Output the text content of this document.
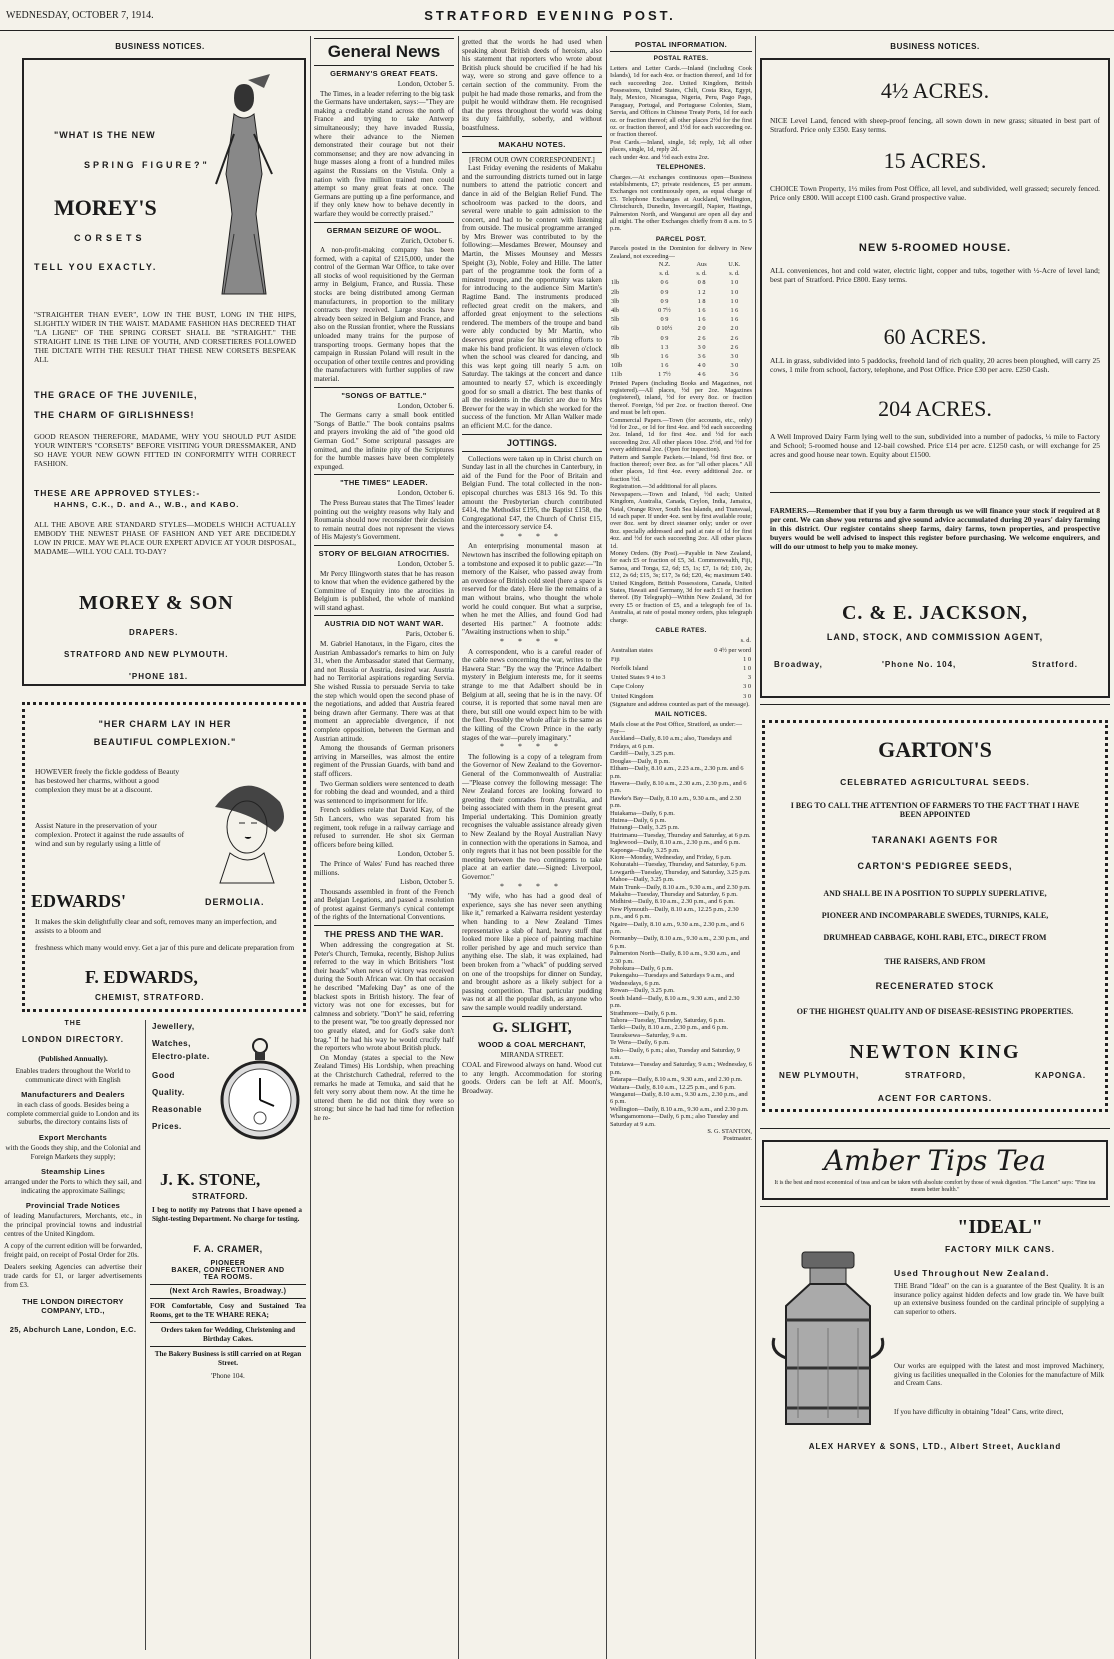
WEDNESDAY, OCTOBER 7, 1914.	STRATFORD EVENING POST.
BUSINESS NOTICES.
"WHAT IS THE NEW
SPRING FIGURE?"
MOREY'S
CORSETS
TELL YOU EXACTLY.
"STRAIGHTER THAN EVER", LOW IN THE BUST, LONG IN THE HIPS, SLIGHTLY WIDER IN THE WAIST. MADAME FASHION HAS DECREED THAT "LA LIGNE" OF THE SPRING CORSET SHALL BE "STRAIGHT." THE STRAIGHT LINE IS THE LINE OF YOUTH, AND CORSETIERES FOLLOWED THE DICTATE WITH THE RESULT THAT THESE NEW CORSETS BESPEAK ALL
THE GRACE OF THE JUVENILE,
THE CHARM OF GIRLISHNESS!
GOOD REASON THEREFORE, MADAME, WHY YOU SHOULD PUT ASIDE YOUR WINTER'S "CORSETS" BEFORE VISITING YOUR DRESSMAKER, AND SO HAVE YOUR NEW GOWN FITTED IN CONFORMITY WITH CORRECT FASHION.
THESE ARE APPROVED STYLES:-
HAHNS, C.K., D. and A., W.B., and KABO.
ALL THE ABOVE ARE STANDARD STYLES—MODELS WHICH ACTUALLY EMBODY THE NEWEST PHASE OF FASHION AND YET ARE DECIDEDLY LOW IN PRICE. MAY WE PLACE OUR EXPERT ADVICE AT YOUR DISPOSAL, MADAME—WILL YOU CALL TO-DAY?
MOREY & SON
DRAPERS.
STRATFORD AND NEW PLYMOUTH.
'PHONE 181.
"HER CHARM LAY IN HER
BEAUTIFUL COMPLEXION."
HOWEVER freely the fickle goddess of Beauty has bestowed her charms, without a good complexion they must be at a discount.
Assist Nature in the preservation of your complexion. Protect it against the rude assaults of wind and sun by regularly using a little of
EDWARDS'	DERMOLIA.
It makes the skin delightfully clear and soft, removes many an imperfection, and assists to a bloom and
freshness which many would envy. Get a jar of this pure and delicate preparation from
F. EDWARDS,
CHEMIST, STRATFORD.
THE
LONDON DIRECTORY.
(Published Annually).
Enables traders throughout the World to communicate direct with English
Manufacturers and Dealers
in each class of goods. Besides being a complete commercial guide to London and its suburbs, the directory contains lists of
Export Merchants
with the Goods they ship, and the Colonial and Foreign Markets they supply;
Steamship Lines
arranged under the Ports to which they sail, and indicating the approximate Sailings;
Provincial Trade Notices
of leading Manufacturers, Merchants, etc., in the principal provincial towns and industrial centres of the United Kingdom.
A copy of the current edition will be forwarded, freight paid, on receipt of Postal Order for 20s.
Dealers seeking Agencies can advertise their trade cards for £1, or larger advertisements from £3.
THE LONDON DIRECTORY COMPANY, LTD.,
25, Abchurch Lane, London, E.C.
Jewellery,
Watches,
Electro-plate.
Good
Quality.
Reasonable
Prices.
J. K. STONE,
STRATFORD.
I beg to notify my Patrons that I have opened a Sight-testing Department. No charge for testing.
F. A. CRAMER,
PIONEER
BAKER, CONFECTIONER AND
TEA ROOMS.
(Next Arch Rawles, Broadway.)
FOR Comfortable, Cosy and Sustained Tea Rooms, get to the TE WHARE REKA;
Orders taken for Wedding, Christening and Birthday Cakes.
The Bakery Business is still carried on at Regan Street.
'Phone 104.
General News
GERMANY'S GREAT FEATS.

London, October 5.

The Times, in a leader referring to the big task the Germans have undertaken, says:—"They are making a creditable stand across the north of France and trying to take Antwerp simultaneously; they have invaded Russia, where their advance to the Niemen demonstrated their courage but not their commonsense; and they are now advancing in huge masses along a front of a hundred miles against the Russians on the Vistula. Only a nation with five million trained men could attempt so many great feats at once. The Germans are putting up a fine performance, and if they only knew how to behave decently in warfare they would be correctly praised."

GERMAN SEIZURE OF WOOL.

Zurich, October 6.

A non-profit-making company has been formed, with a capital of £215,000, under the control of the German War Office, to take over all stocks of wool requisitioned by the German army in Belgium, France, and Russia. These stocks are being distributed among German manufacturers, in proportion to the military contracts they received. Large stocks have already been seized in Belgium and France, and also on the Russian frontier, where the Russians unloaded many trains for the purpose of transporting troops. Germany hopes that the campaign in Russian Poland will result in the occupation of other textile centres and providing the manufacturers with further supplies of raw material.

"SONGS OF BATTLE."

London, October 6.

The Germans carry a small book entitled "Songs of Battle." The book contains psalms and prayers invoking the aid of "the good old German God." Some scriptural passages are omitted, and the infinite pity of the Scriptures for the humble masses have been completely expunged.

"THE TIMES" LEADER.

London, October 6.

The Press Bureau states that The Times' leader pointing out the weighty reasons why Italy and Roumania should now reconsider their decision to remain neutral does not represent the views of His Majesty's Government.

STORY OF BELGIAN ATROCITIES.

London, October 5.

Mr Percy Illingworth states that he has reason to know that when the evidence gathered by the Committee of Enquiry into the atrocities in Belgium is published, the whole of mankind will stand aghast.

AUSTRIA DID NOT WANT WAR.

Paris, October 6.

M. Gabriel Hanotaux, in the Figaro, cites the Austrian Ambassador's remarks to him on July 31, when the Ambassador stated that Germany, and not Russia or Austria, desired war. Austria had no Territorial aspirations regarding Servia. She wished Russia to persuade Servia to take the step which would open the second phase of the negotiations, and added that Austria feared being drawn after Germany. There was at that moment an appreciable divergence, if not complete opposition, between the German and Austrian attitude.

Among the thousands of German prisoners arriving in Marseilles, was almost the entire regiment of the Prussian Guards, with band and staff officers.

Two German soldiers were sentenced to death for robbing the dead and wounded, and a third was sentenced to imprisonment for life.

French soldiers relate that David Kay, of the 5th Lancers, who was separated from his regiment, took refuge in a railway carriage and refused to surrender. He shot six German officers before being killed.

London, October 5.

The Prince of Wales' Fund has reached three millions.

Lisbon, October 5.

Thousands assembled in front of the French and Belgian Legations, and passed a resolution of protest against Germany's cynical contempt of the rights of the International Conventions.

THE PRESS AND THE WAR.

When addressing the congregation at St. Peter's Church, Temuka, recently, Bishop Julius referred to the way in which Britishers "lost their heads" when news of victory was received during the South African war. On that occasion he described "Mafeking Day" as one of the blackest spots in British history. The fear of victory was not one for excesses, but for calmness and sobriety. "Don't" he said, referring to the present war, "be too greatly depressed nor too greatly elated, and for God's sake don't brag." If he had his way he would crucify half the reporters who wrote about British pluck.

On Monday (states a special to the New Zealand Times) His Lordship, when preaching at the Christchurch Cathedral, referred to the remarks he made at Temuka, and said that he felt very sorry about them now. At the time he uttered them he did not think they were so strong; but since he had had time for reflection he re-

gretted that the words he had used when speaking about British deeds of heroism, also his statement that reporters who wrote about British pluck should be crucified if he had his way, were so strong and gave offence to a certain section of the community. From the pulpit he had made those remarks, and from the pulpit he would withdraw them. He recognised that the press throughout the world was doing its duty faithfully, soberly, and without boastfulness.

MAKAHU NOTES.
[FROM OUR OWN CORRESPONDENT.]

Last Friday evening the residents of Makahu and the surrounding districts turned out in large numbers to attend the patriotic concert and dance in aid of the Belgian Relief Fund. The schoolroom was packed to the doors, and several were unable to gain admission to the concert, and had to be content with listening from outside. The musical programme arranged by Mrs Brewer was contributed to by the following:—Mesdames Brewer, Mounsey and Martin, the Misses Mounsey and Messrs Speight (3), Noble, Foley and Hille. The latter part of the programme took the form of a minstrel troupe, and the opportunity was taken for introducing to the audience Sim Martin's Ragtime Band. The instruments produced reflected great credit on the makers, and afforded great enjoyment to the selections rendered. The members of the troupe and band were ably conducted by Mr Martin, who deserves great praise for his untiring efforts to make his band proficient. It was eleven o'clock when the school was cleared for dancing, and this was kept going till nearly 5 a.m. on Saturday. The takings at the concert and dance amounted to nearly £7, which is exceedingly good for so small a district. The best thanks of all the residents in the district are due to Mrs Brewer for the way in which she worked for the success of the function. Mr Allan Walker made an efficient M.C. for the dance.

JOTTINGS.

Collections were taken up in Christ church on Sunday last in all the churches in Canterbury, in aid of the Fund for the Poor of Britain and Belgian Fund. The total collected in the non-episcopal churches was £813 16s 9d. To this amount the Presbyterian church contributed £414, the Methodist £195, the Baptist £158, the Congregational £47, the Church of Christ £15, and the intercessory service £4.

* * * *

An enterprising monumental mason at Newtown has inscribed the following epitaph on a tombstone and exposed it to public gaze:—"In memory of the Kaiser, who passed away from an overdose of British cold steel (here a space is reserved for the date). Here lie the remains of a man without brains, who thought the whole world he could conquer. But what a surprise, when he met the Allies, and found God had deserted His partner." A footnote adds: "Awaiting instructions when to ship."

* * * *

A correspondent, who is a careful reader of the cable news concerning the war, writes to the Hawera Star: "By the way the 'Prince Adalbert mystery' in Belgium interests me, for it seems strange to me that Adalbert should be in Belgium at all, seeing that he is in the navy. Of course, it is reported that some naval men are there, but still one would expect him to be with the fleet. Possibly the whole affair is the same as the killing of the Crown Prince in the early stages of the war—purely imaginary."

* * * *

The following is a copy of a telegram from the Governor of New Zealand to the Governor-General of the Commonwealth of Australia:—"Please convey the following message: The New Zealand forces are looking forward to greeting their comrades from Australia, and being associated with them in the present great Imperial undertaking. This Dominion greatly recognises the valuable assistance already given to New Zealand by the Royal Australian Navy in connection with the operations in Samoa, and only regrets that it has not been possible for the meeting between the two contingents to take place at an earlier date.—Signed: Liverpool, Governor."

* * * *

"My wife, who has had a good deal of experience, says she has never seen anything like it," remarked a Kaiwarra resident yesterday when handing to a New Zealand Times representative a slab of hard, heavy stuff that looked more like a piece of painting machine roller perished by age and much service than anything else. The slab, it was explained, had been broken from a "whack" of pudding served on one of the troopships for dinner on Sunday, and brought ashore as a likely subject for a passing competition. That particular pudding was not at all the popular dish, as anyone who saw the sample would readily understand.

G. SLIGHT,
WOOD & COAL MERCHANT,
MIRANDA STREET.
COAL and Firewood always on hand. Wood cut to any length. Accommodation for storing goods. Orders can be left at Alf. Moon's, Broadway.
POSTAL INFORMATION.
POSTAL RATES.
Letters and Letter Cards.—Inland (including Cook Islands), 1d for each 4oz. or fraction thereof, and 1d for each succeeding 2oz. United Kingdom, British Possessions, United States, Chili, Costa Rica, Egypt, Italy, Mexico, Nicaragua, Nigeria, Peru, Pago Pago, Paraguay, Portugal, and Portuguese Colonies, Siam, Servia, and Offices in Chinese Treaty Ports, 1d for each oz. or fraction thereof; all other places 2½d for the first oz. or fraction thereof, and 1½d for each succeeding oz. or fraction thereof.
Post Cards.—Inland, single, 1d; reply, 1d; all other places, single, 1d, reply 2d.
each under 4oz. and ½d each extra 2oz.
TELEPHONES.
Charges.—At exchanges continuous open—Business establishments, £7; private residences, £5 per annum. Exchanges not continuously open, as equal charge of £5. Telephone Exchanges at Auckland, Wellington, Christchurch, Dunedin, Invercargill, Napier, Hastings, Palmerston North, and Wanganui are open all day and all night. The other Exchanges chiefly from 8 a.m. to 5 p.m.
PARCEL POST.
Parcels posted in the Dominion for delivery in New Zealand, not exceeding—
	N.Z.	Aus	U.K.
	s. d.	s. d.	s. d.
1lb	0 6	0 8	1 0
2lb	0 9	1 2	1 0
3lb	0 9	1 8	1 0
4lb	0 7½	1 6	1 6
5lb	0 9	1 6	1 6
6lb	0 10½	2 0	2 0
7lb	0 9	2 6	2 6
8lb	1 3	3 0	2 6
9lb	1 6	3 6	3 0
10lb	1 6	4 0	3 0
11lb	1 7½	4 6	3 6
Printed Papers (including Books and Magazines, not registered).—All places, ½d per 2oz. Magazines (registered), inland, ½d for every 8oz. or fraction thereof. Foreign, ½d per 2oz. or fraction thereof. One and must be left open.
Commercial Papers.—Town (for accounts, etc., only) ½d for 2oz., or 1d for first 4oz. and ½d each succeeding 2oz. Inland, 1d for first 4oz. and ½d for each succeeding 2oz. All other places 10oz. 2½d, and ½d for every additional 2oz. (Open for inspection).
Pattern and Sample Packets.—Inland, ½d first 8oz. or fraction thereof; over 8oz. as for "all other places." All other places, 1d first 4oz. every additional 2oz. or fraction ½d.
Registration.—3d additional for all places.
Newspapers.—Town and Inland, ½d each; United Kingdom, Australia, Canada, Ceylon, India, Jamaica, Natal, Orange River, South Sea Islands, and Transvaal, 1d each paper. If under 4oz. sent by first available route; over 8oz. sent by direct steamer only; under or over 8oz. specially addressed and paid at rate of 1d for first 4oz. and ½d for each succeeding 2oz. All other places 1d.
Money Orders. (By Post).—Payable in New Zealand, for each £5 or fraction of £5, 3d. Commonwealth, Fiji, Samoa, and Tonga, £2, 6d; £5, 1s; £7, 1s 6d; £10, 2s; £12, 2s 6d; £15, 3s; £17, 3s 6d; £20, 4s; maximum £40. United Kingdom, British Possessions, Canada, United States, Hawaii and Germany, 3d for each £1 or fraction thereof. (By Telegraph)—Within New Zealand, 3d for every £5 or fraction of £5, and a telegraph fee of 1s. Australia, at rate of postal money orders, plus telegraph charge.
CABLE RATES.
	s. d.
Australian states	0 4½ per word
Fiji	1 0
Norfolk Island	1 0
United States 9 4 to 3	3
Cape Colony	3 0
United Kingdom	3 0
(Signature and address counted as part of the message).
MAIL NOTICES.
Mails close at the Post Office, Stratford, as under:—
For—
Auckland—Daily, 8.10 a.m.; also, Tuesdays and Fridays, at 6 p.m.
Cardiff—Daily, 3.25 p.m.
Douglas—Daily, 8 p.m.
Eltham—Daily, 8.10 a.m., 2.23 a.m., 2.30 p.m. and 6 p.m.
Hawera—Daily, 8.10 a.m., 2.30 a.m., 2.30 p.m., and 6 p.m.
Hawke's Bay—Daily, 8.10 a.m., 9.30 a.m., and 2.30 p.m.
Huiakama—Daily, 6 p.m.
Huirea—Daily, 6 p.m.
Huirangi—Daily, 3.25 p.m.
Huirimanu—Tuesday, Thursday and Saturday, at 6 p.m.
Inglewood—Daily, 8.10 a.m., 2.30 p.m., and 6 p.m.
Kaponga—Daily, 3.25 p.m.
Kiore—Monday, Wednesday, and Friday, 6 p.m.
Kohuratahi—Tuesday, Thursday, and Saturday, 6 p.m.
Lowgarth—Tuesday, Thursday, and Saturday, 3.25 p.m.
Mahoe—Daily, 3.25 p.m.
Main Trunk—Daily, 8.10 a.m., 9.30 a.m., and 2.30 p.m.
Makahu—Tuesday, Thursday and Saturday, 6 p.m.
Midhirst—Daily, 8.10 a.m., 2.30 p.m., and 6 p.m.
New Plymouth—Daily, 8.10 a.m., 12.25 p.m., 2.30 p.m., and 6 p.m.
Ngaire—Daily, 8.10 a.m., 9.30 a.m., 2.30 p.m., and 6 p.m.
Normanby—Daily, 8.10 a.m., 9.30 a.m., 2.30 p.m., and 6 p.m.
Palmerston North—Daily, 8.10 a.m., 9.30 a.m., and 2.30 p.m.
Pohokura—Daily, 6 p.m.
Pukengahu—Tuesdays and Saturdays 9 a.m., and Wednesdays, 6 p.m.
Rowan—Daily, 3.25 p.m.
South Island—Daily, 8.10 a.m., 9.30 a.m., and 2.30 p.m.
Strathmore—Daily, 6 p.m.
Tahora—Tuesday, Thursday, Saturday, 6 p.m.
Tariki—Daily, 8.10 a.m., 2.30 p.m., and 6 p.m.
Tauraksewa—Saturday, 9 a.m.
Te Wera—Daily, 6 p.m.
Toko—Daily, 6 p.m.; also, Tuesday and Saturday, 9 a.m.
Tututawa—Tuesday and Saturday, 9 a.m.; Wednesday, 6 p.m.
Tatarapa—Daily, 8.10 a.m., 9.30 a.m., and 2.30 p.m.
Waitara—Daily, 8.10 a.m., 12.25 p.m., and 6 p.m.
Wanganui—Daily, 8.10 a.m., 9.30 a.m., 2.30 p.m., and 6 p.m.
Wellington—Daily, 8.10 a.m., 9.30 a.m., and 2.30 p.m.
Whangamomona—Daily, 6 p.m.; also Tuesday and Saturday at 9 a.m.
S. G. STANTON,
Postmaster.
BUSINESS NOTICES.
4½ ACRES.
NICE Level Land, fenced with sheep-proof fencing, all sown down in new grass; situated in best part of Stratford. Price only £350. Easy terms.
15 ACRES.
CHOICE Town Property, 1½ miles from Post Office, all level, and subdivided, well grassed; securely fenced. Price only £800. Will accept £100 cash. Grand prospective value.
NEW 5-ROOMED HOUSE.
ALL conveniences, hot and cold water, electric light, copper and tubs, together with ½-Acre of level land; best part of Stratford. Price £800. Easy terms.
60 ACRES.
ALL in grass, subdivided into 5 paddocks, freehold land of rich quality, 20 acres been ploughed, will carry 25 cows, 1 mile from school, factory, telephone, and Post Office. Price £30 per acre. £250 Cash.
204 ACRES.
A Well Improved Dairy Farm lying well to the sun, subdivided into a number of padocks, ¼ mile to Factory and School; 5-roomed house and 12-bail cowshed. Price £14 per acre. £1250 cash, or will exchange for 25 acres and good house near town. Equity about £1500.
FARMERS.—Remember that if you buy a farm through us we will finance your stock if required at 8 per cent. We can show you returns and give sound advice accumulated during 20 years' dairy farming in this district. Our register contains sheep farms, dairy farms, town properties, and prospective buyers would be well advised to inspect this register before purchasing. We welcome enquirers, and will do our utmost to help you to make money.
C. & E. JACKSON,
LAND, STOCK, AND COMMISSION AGENT,
Broadway,	'Phone No. 104,	Stratford.
GARTON'S
CELEBRATED AGRICULTURAL SEEDS.
I BEG TO CALL THE ATTENTION OF FARMERS TO THE FACT THAT I HAVE BEEN APPOINTED
TARANAKI AGENTS FOR
CARTON'S PEDIGREE SEEDS,
AND SHALL BE IN A POSITION TO SUPPLY SUPERLATIVE,
PIONEER AND INCOMPARABLE SWEDES, TURNIPS, KALE,
DRUMHEAD CABBAGE, KOHL RABI, ETC., DIRECT FROM
THE RAISERS, AND FROM
RECENERATED STOCK
OF THE HIGHEST QUALITY AND OF DISEASE-RESISTING PROPERTIES.
NEWTON KING
NEW PLYMOUTH,	STRATFORD,	KAPONGA.
ACENT FOR CARTONS.
Amber Tips Tea
It is the best and most economical of teas and can be taken with absolute comfort by those of weak digestion. "The Lancet" says: "Fine tea means better health."
"IDEAL"
FACTORY MILK CANS.
Used Throughout New Zealand.
THE Brand "Ideal" on the can is a guarantee of the Best Quality. It is an insurance policy against hidden defects and low grade tin. We have built up an extensive business founded on the cardinal principle of supplying a can superior to others.
Our works are equipped with the latest and most improved Machinery, giving us facilities unequalled in the Colonies for the manufacture of Milk and Cream Cans.
If you have difficulty in obtaining "Ideal" Cans, write direct,
ALEX HARVEY & SONS, LTD., Albert Street, Auckland
